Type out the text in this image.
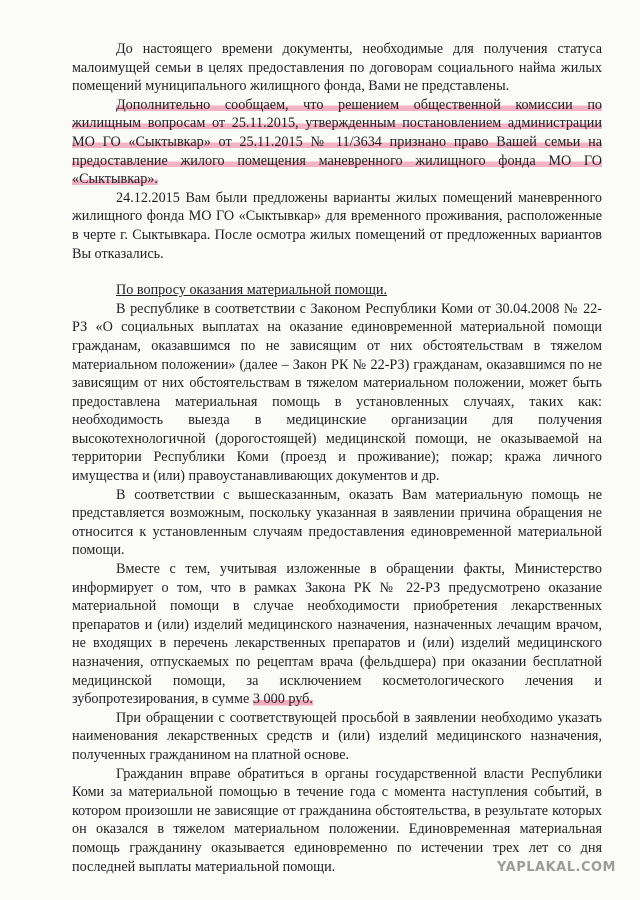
До настоящего времени документы, необходимые для получения статуса малоимущей семьи в целях предоставления по договорам социального найма жилых помещений муниципального жилищного фонда, Вами не представлены.

Дополнительно сообщаем, что решением общественной комиссии по жилищным вопросам от 25.11.2015, утвержденным постановлением администрации МО ГО «Сыктывкар» от 25.11.2015 № 11/3634 признано право Вашей семьи на предоставление жилого помещения маневренного жилищного фонда МО ГО «Сыктывкар».

24.12.2015 Вам были предложены варианты жилых помещений маневренного жилищного фонда МО ГО «Сыктывкар» для временного проживания, расположенные в черте г. Сыктывкара. После осмотра жилых помещений от предложенных вариантов Вы отказались.

По вопросу оказания материальной помощи.

В республике в соответствии с Законом Республики Коми от 30.04.2008 № 22-РЗ «О социальных выплатах на оказание единовременной материальной помощи гражданам, оказавшимся по не зависящим от них обстоятельствам в тяжелом материальном положении» (далее – Закон РК № 22-РЗ) гражданам, оказавшимся по не зависящим от них обстоятельствам в тяжелом материальном положении, может быть предоставлена материальная помощь в установленных случаях, таких как: необходимость выезда в медицинские организации для получения высокотехнологичной (дорогостоящей) медицинской помощи, не оказываемой на территории Республики Коми (проезд и проживание); пожар; кража личного имущества и (или) правоустанавливающих документов и др.

В соответствии с вышесказанным, оказать Вам материальную помощь не представляется возможным, поскольку указанная в заявлении причина обращения не относится к установленным случаям предоставления единовременной материальной помощи.

Вместе с тем, учитывая изложенные в обращении факты, Министерство информирует о том, что в рамках Закона РК № 22-РЗ предусмотрено оказание материальной помощи в случае необходимости приобретения лекарственных препаратов и (или) изделий медицинского назначения, назначенных лечащим врачом, не входящих в перечень лекарственных препаратов и (или) изделий медицинского назначения, отпускаемых по рецептам врача (фельдшера) при оказании бесплатной медицинской помощи, за исключением косметологического лечения и зубопротезирования, в сумме 3 000 руб.

При обращении с соответствующей просьбой в заявлении необходимо указать наименования лекарственных средств и (или) изделий медицинского назначения, полученных гражданином на платной основе.

Гражданин вправе обратиться в органы государственной власти Республики Коми за материальной помощью в течение года с момента наступления событий, в котором произошли не зависящие от гражданина обстоятельства, в результате которых он оказался в тяжелом материальном положении. Единовременная материальная помощь гражданину оказывается единовременно по истечении трех лет со дня последней выплаты материальной помощи.	YAPLAKAL.COM
